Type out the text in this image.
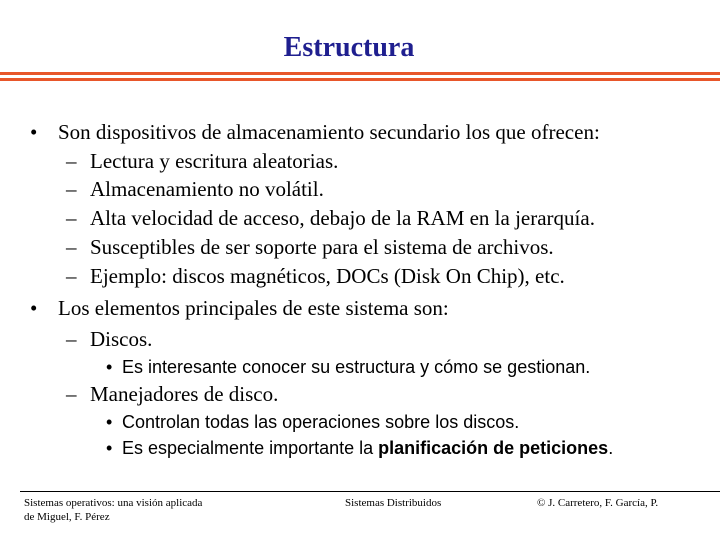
Estructura
• Son dispositivos de almacenamiento secundario los que ofrecen:
– Lectura y escritura aleatorias.
– Almacenamiento no volátil.
– Alta velocidad de acceso, debajo de la RAM en la jerarquía.
– Susceptibles de ser soporte para el sistema de archivos.
– Ejemplo: discos magnéticos, DOCs (Disk On Chip), etc.
• Los elementos principales de este sistema son:
– Discos.
• Es interesante conocer su estructura y cómo se gestionan.
– Manejadores de disco.
• Controlan todas las operaciones sobre los discos.
• Es especialmente importante la planificación de peticiones.
Sistemas operativos: una visión aplicada
de Miguel, F. Pérez
Sistemas Distribuidos	© J. Carretero, F. García, P.
